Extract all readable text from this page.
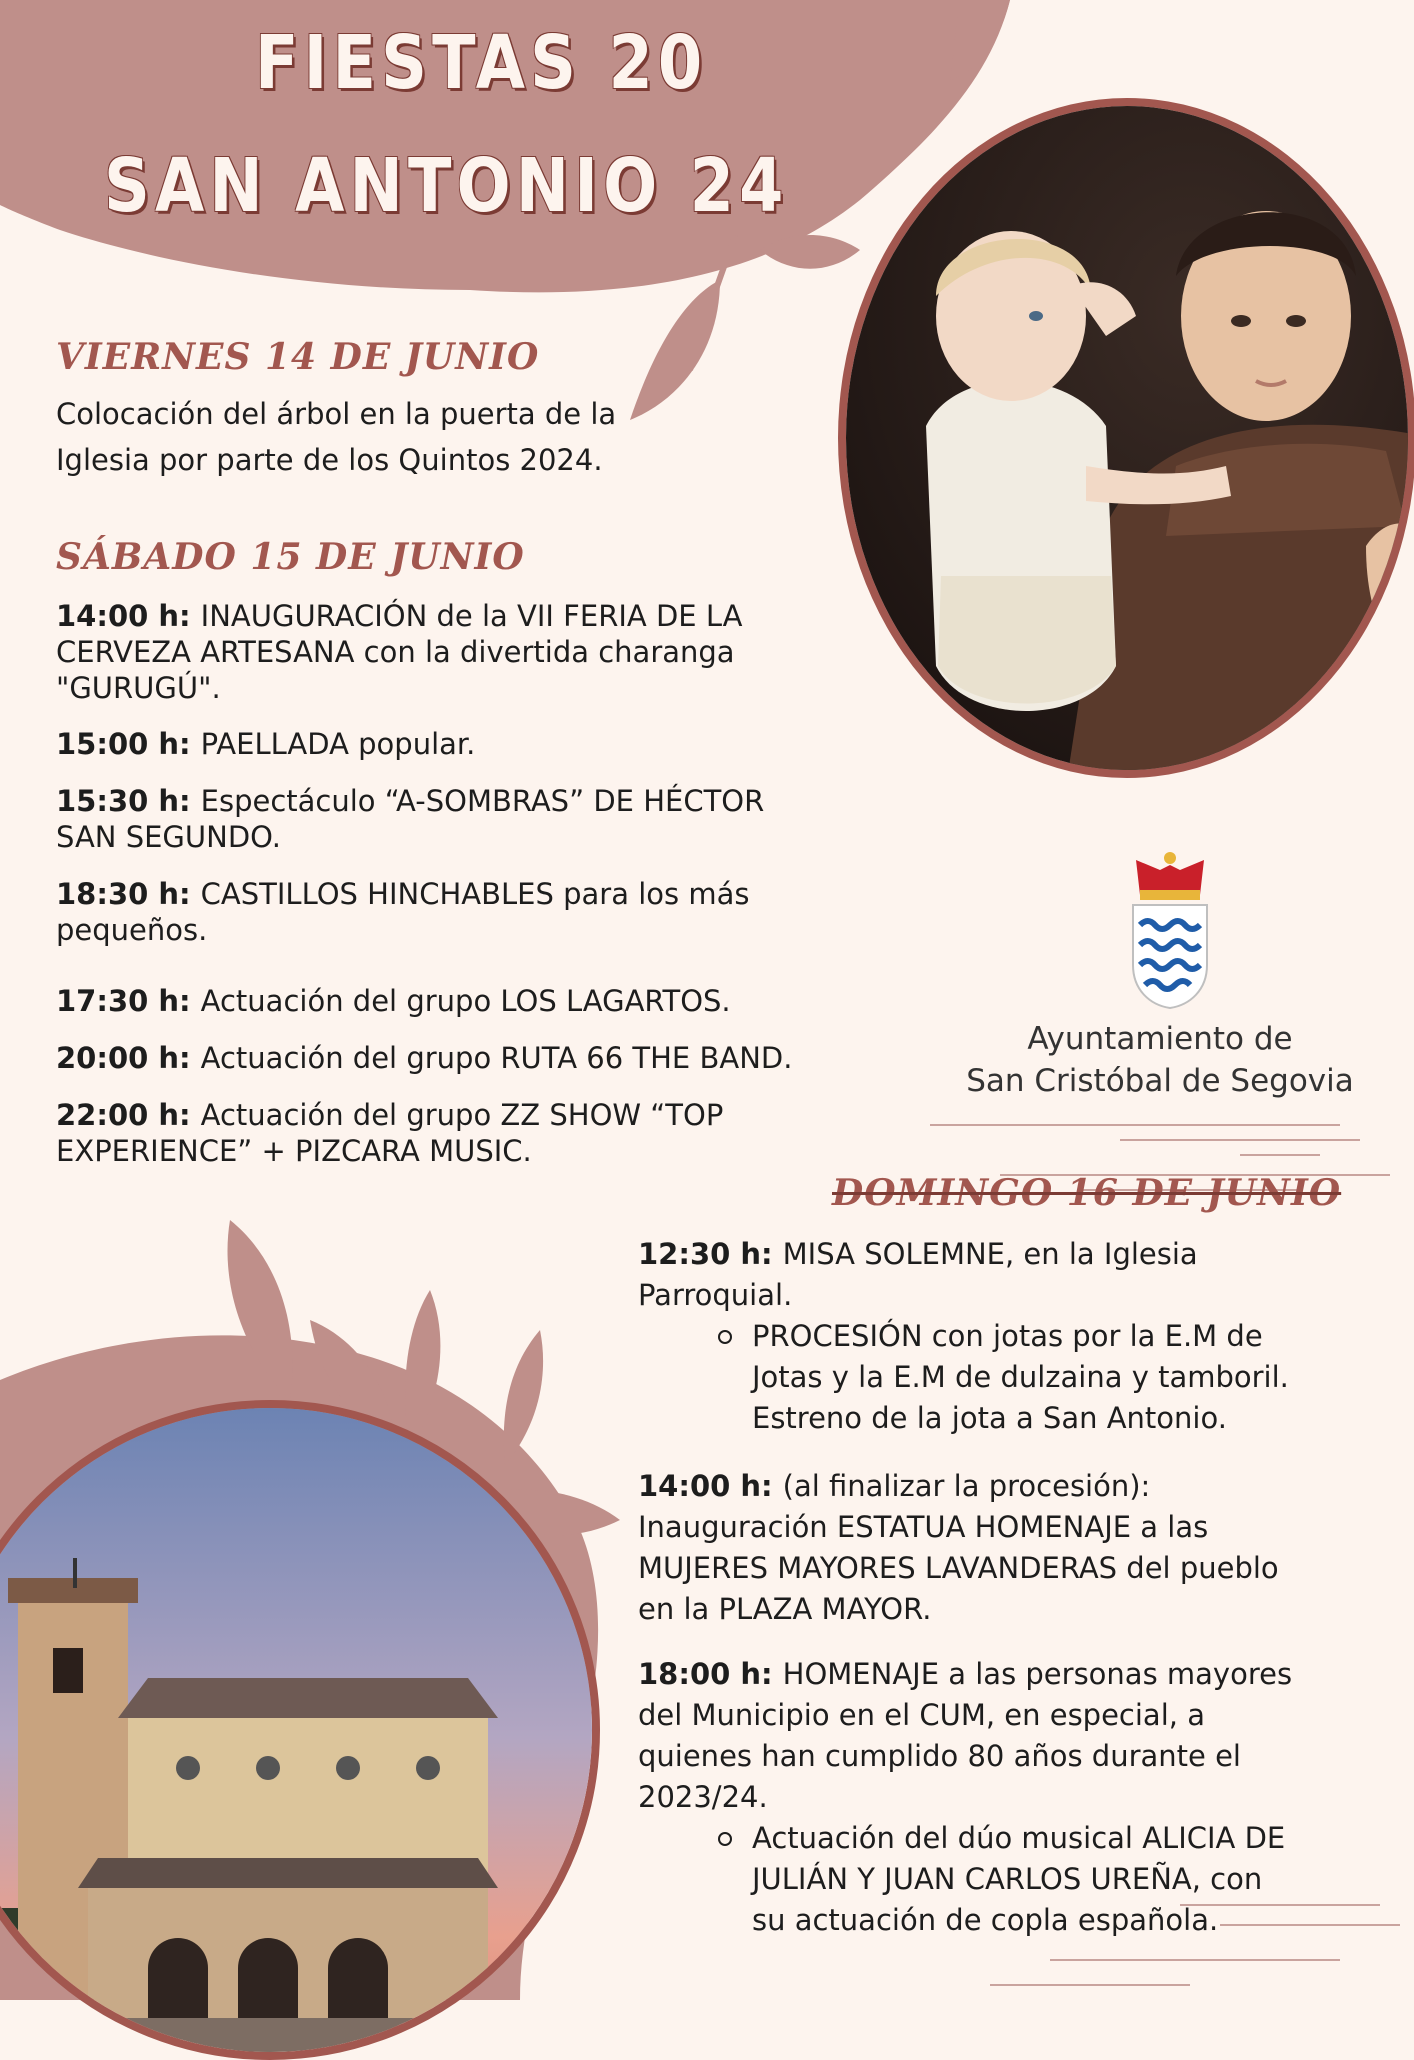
FIESTAS 20
SAN ANTONIO 24
VIERNES 14 DE JUNIO
Colocación del árbol en la puerta de la
Iglesia por parte de los Quintos 2024.
SÁBADO 15 DE JUNIO
14:00 h: INAUGURACIÓN de la VII FERIA DE LA
CERVEZA ARTESANA con la divertida charanga
"GURUGÚ".
15:00 h: PAELLADA popular.
15:30 h: Espectáculo “A-SOMBRAS” DE HÉCTOR
SAN SEGUNDO.
18:30 h: CASTILLOS HINCHABLES para los más
pequeños.
17:30 h: Actuación del grupo LOS LAGARTOS.
20:00 h: Actuación del grupo RUTA 66 THE BAND.
22:00 h: Actuación del grupo ZZ SHOW “TOP
EXPERIENCE” + PIZCARA MUSIC.
Ayuntamiento de
San Cristóbal de Segovia
DOMINGO 16 DE JUNIO
12:30 h: MISA SOLEMNE, en la Iglesia
Parroquial.
PROCESIÓN con jotas por la E.M de
Jotas y la E.M de dulzaina y tamboril.
Estreno de la jota a San Antonio.
14:00 h: (al finalizar la procesión):
Inauguración ESTATUA HOMENAJE a las
MUJERES MAYORES LAVANDERAS del pueblo
en la PLAZA MAYOR.
18:00 h: HOMENAJE a las personas mayores
del Municipio en el CUM, en especial, a
quienes han cumplido 80 años durante el
2023/24.
Actuación del dúo musical ALICIA DE
JULIÁN Y JUAN CARLOS UREÑA, con
su actuación de copla española.
